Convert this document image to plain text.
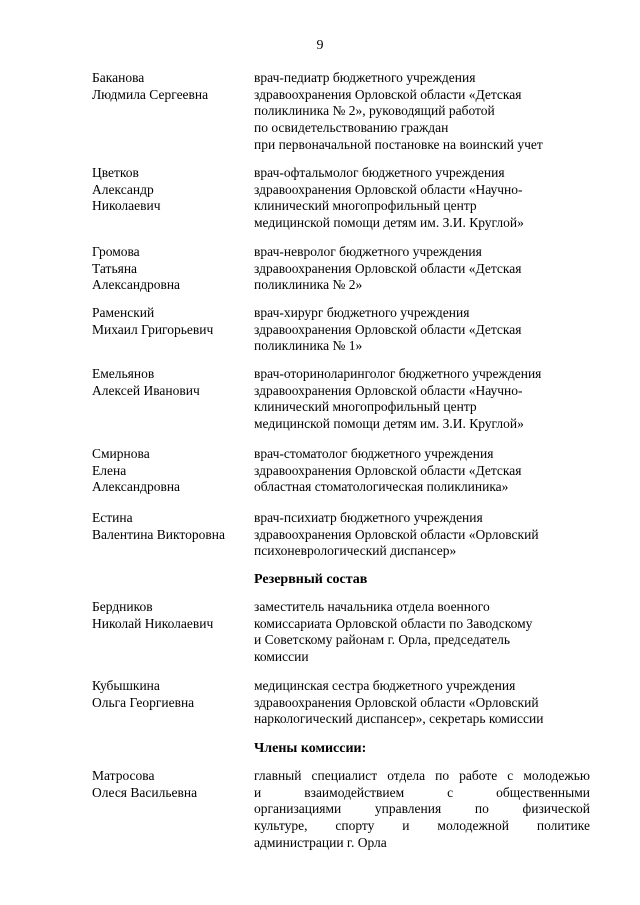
9
Баканова
Людмила Сергеевна
врач-педиатр бюджетного учреждения
здравоохранения Орловской области «Детская
поликлиника № 2», руководящий работой
по освидетельствованию граждан
при первоначальной постановке на воинский учет
Цветков
Александр
Николаевич
врач-офтальмолог бюджетного учреждения
здравоохранения Орловской области «Научно-
клинический многопрофильный центр
медицинской помощи детям им. З.И. Круглой»
Громова
Татьяна
Александровна
врач-невролог бюджетного учреждения
здравоохранения Орловской области «Детская
поликлиника № 2»
Раменский
Михаил Григорьевич
врач-хирург бюджетного учреждения
здравоохранения Орловской области «Детская
поликлиника № 1»
Емельянов
Алексей Иванович
врач-оториноларинголог бюджетного учреждения
здравоохранения Орловской области «Научно-
клинический многопрофильный центр
медицинской помощи детям им. З.И. Круглой»
Смирнова
Елена
Александровна
врач-стоматолог бюджетного учреждения
здравоохранения Орловской области «Детская
областная стоматологическая поликлиника»
Естина
Валентина Викторовна
врач-психиатр бюджетного учреждения
здравоохранения Орловской области «Орловский
психоневрологический диспансер»
Резервный состав
Бердников
Николай Николаевич
заместитель начальника отдела военного
комиссариата Орловской области по Заводскому
и Советскому районам г. Орла, председатель
комиссии
Кубышкина
Ольга Георгиевна
медицинская сестра бюджетного учреждения
здравоохранения Орловской области «Орловский
наркологический диспансер», секретарь комиссии
Члены комиссии:
Матросова
Олеся Васильевна
главный специалист отдела по работе с молодежью
и взаимодействием с общественными
организациями управления по физической
культуре, спорту и молодежной политике
администрации г. Орла
